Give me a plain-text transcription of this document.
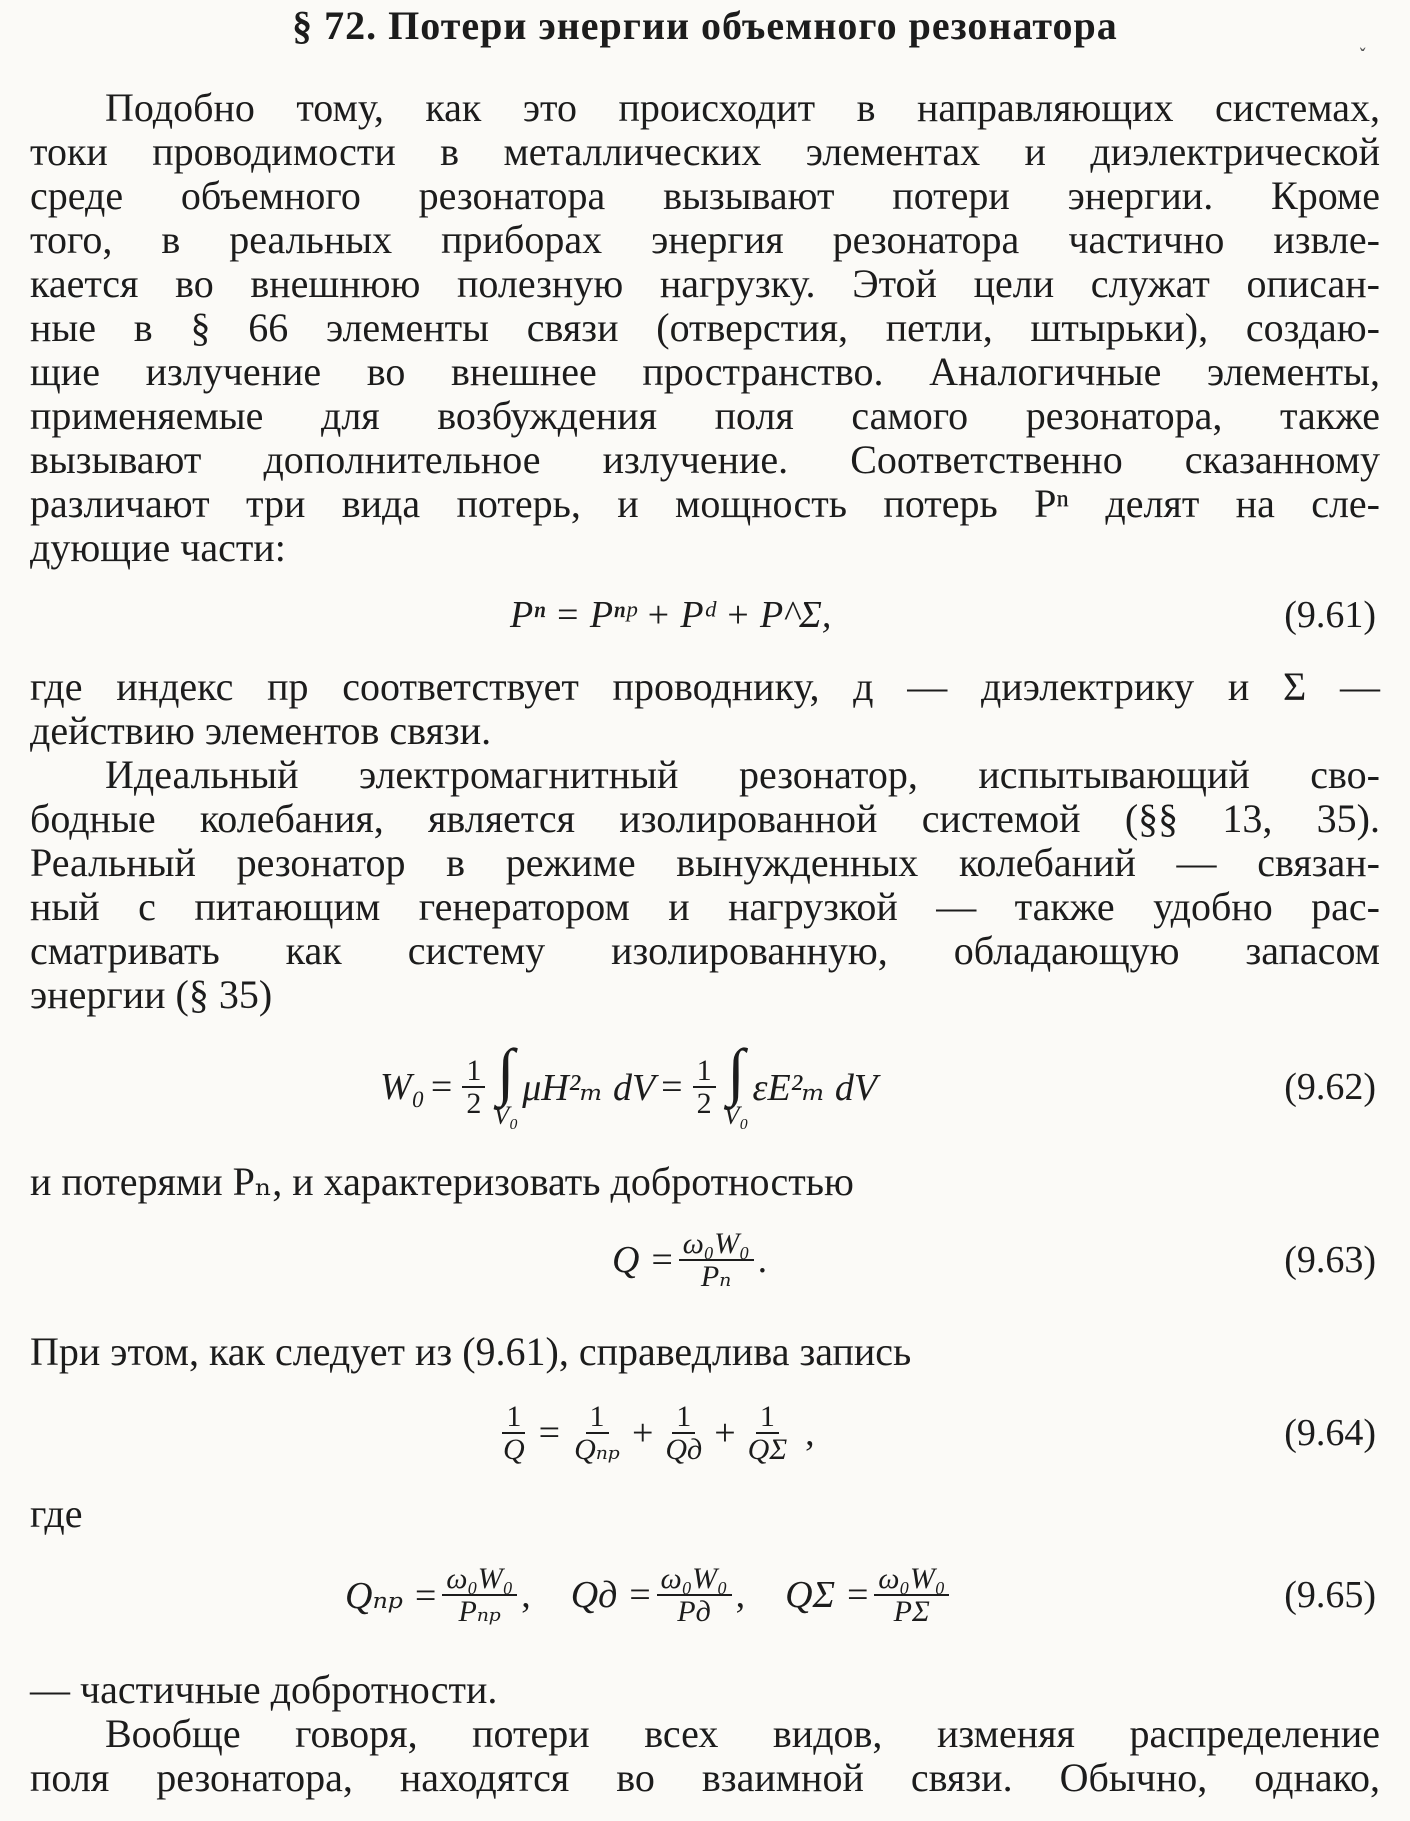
§ 72. Потери энергии объемного резонатора	˯

Подобно тому, как это происходит в направляющих системах,

токи проводимости в металлических элементах и диэлектрической

среде объемного резонатора вызывают потери энергии. Кроме

того, в реальных приборах энергия резонатора частично извле-

кается во внешнюю полезную нагрузку. Этой цели служат описан-

ные в § 66 элементы связи (отверстия, петли, штырьки), создаю-

щие излучение во внешнее пространство. Аналогичные элементы,

применяемые для возбуждения поля самого резонатора, также

вызывают дополнительное излучение. Соответственно сказанному

различают три вида потерь, и мощность потерь Pⁿ делят на сле-

дующие части:

Pⁿ = Pⁿᵖ + Pᵈ + P^Σ,	(9.61)

где индекс пр соответствует проводнику, д — диэлектрику и Σ —

действию элементов связи.

Идеальный электромагнитный резонатор, испытывающий сво-

бодные колебания, является изолированной системой (§§ 13, 35).

Реальный резонатор в режиме вынужденных колебаний — связан-

ный с питающим генератором и нагрузкой — также удобно рас-

сматривать как систему изолированную, обладающую запасом

энергии (§ 35)

$W_0 = \frac{1}{2}$ ∫
V₀
μH²ₘ dV = $\frac{1}{2}$ ∫
V₀
εE²ₘ dV	(9.62)

и потерями Pₙ, и характеризовать добротностью

$Q = \frac{\text{ω₀W₀}}{\text{Pₙ}}$ .	(9.63)

При этом, как следует из (9.61), справедлива запись

$\frac{1}{Q} = \frac{1}{\text{Qₙₚ}} + \frac{1}{Qд} + \frac{1}{Q\Sigma}$ ,	(9.64)

где

$Q_{np} = \frac{\text{ω₀W₀}}{\text{Pₙₚ}}$ , Qд = $\frac{\text{ω₀W₀}}{Pд}$ , $Q\Sigma = \frac{\text{ω₀W₀}}{P\Sigma}$	(9.65)

— частичные добротности.

Вообще говоря, потери всех видов, изменяя распределение

поля резонатора, находятся во взаимной связи. Обычно, однако,
